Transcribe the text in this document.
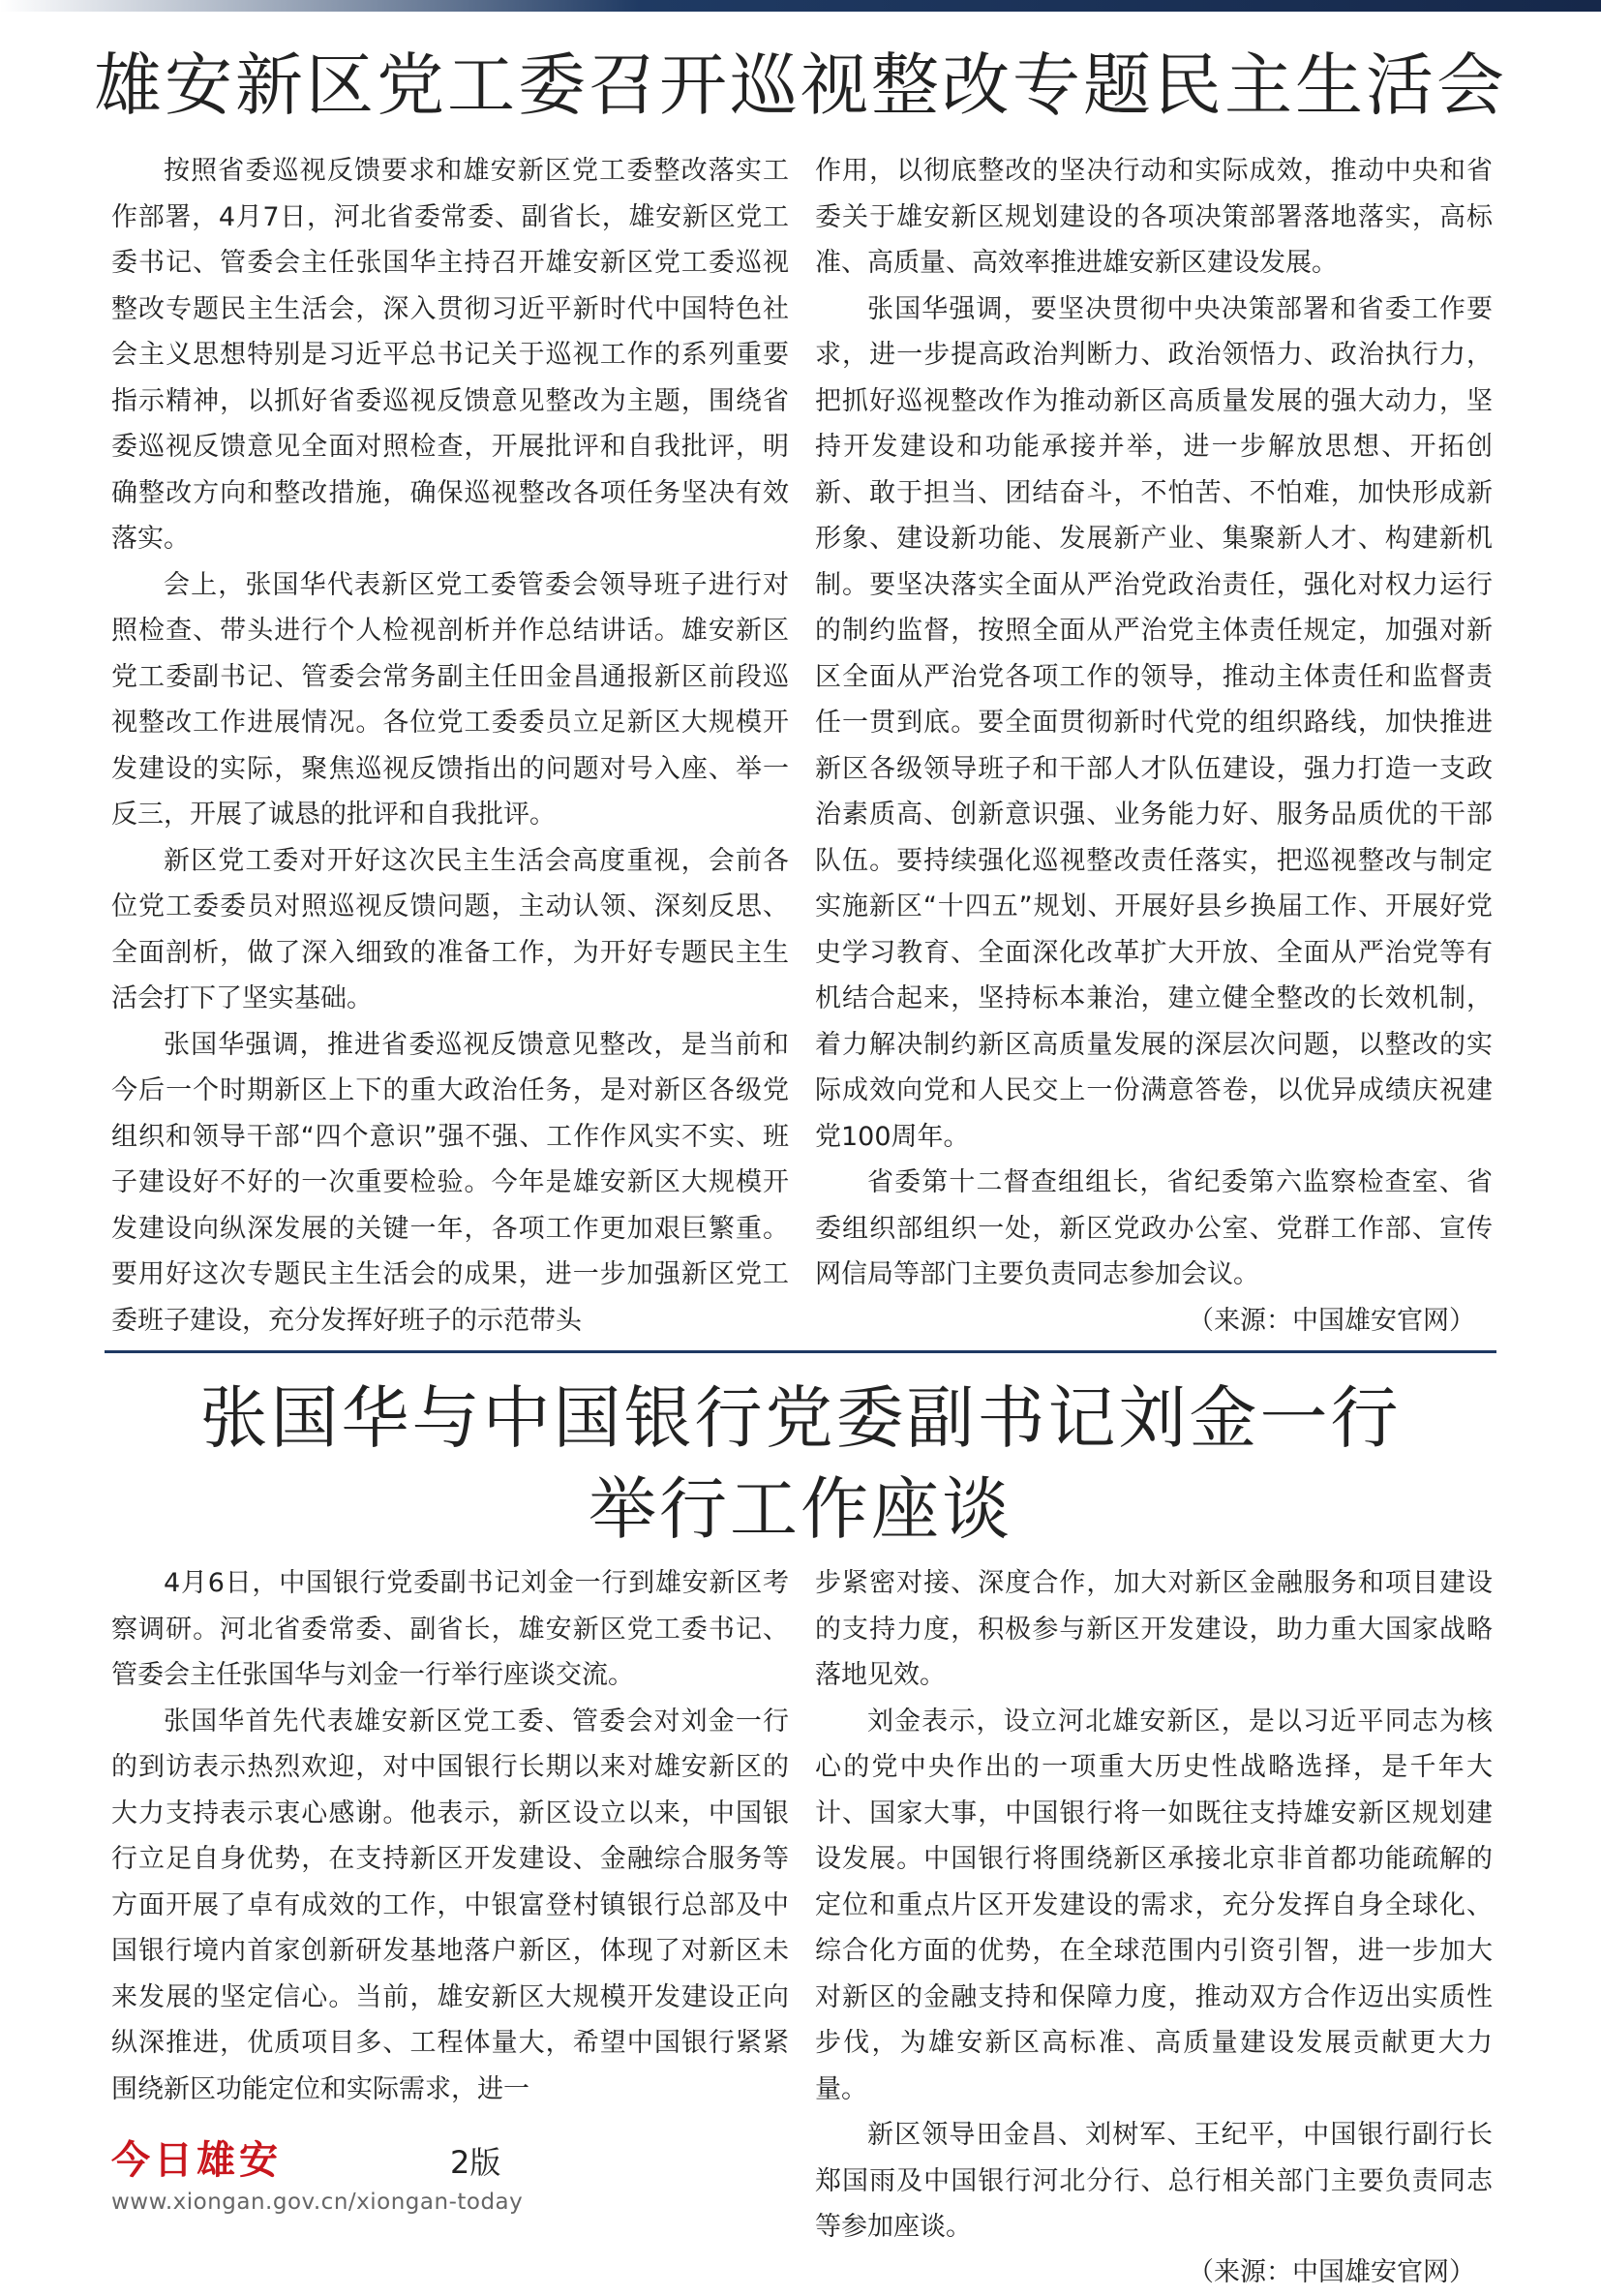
雄安新区党工委召开巡视整改专题民主生活会

按照省委巡视反馈要求和雄安新区党工委整改落实工作部署，4月7日，河北省委常委、副省长，雄安新区党工委书记、管委会主任张国华主持召开雄安新区党工委巡视整改专题民主生活会，深入贯彻习近平新时代中国特色社会主义思想特别是习近平总书记关于巡视工作的系列重要指示精神，以抓好省委巡视反馈意见整改为主题，围绕省委巡视反馈意见全面对照检查，开展批评和自我批评，明确整改方向和整改措施，确保巡视整改各项任务坚决有效落实。

会上，张国华代表新区党工委管委会领导班子进行对照检查、带头进行个人检视剖析并作总结讲话。雄安新区党工委副书记、管委会常务副主任田金昌通报新区前段巡视整改工作进展情况。各位党工委委员立足新区大规模开发建设的实际，聚焦巡视反馈指出的问题对号入座、举一反三，开展了诚恳的批评和自我批评。

新区党工委对开好这次民主生活会高度重视，会前各位党工委委员对照巡视反馈问题，主动认领、深刻反思、全面剖析，做了深入细致的准备工作，为开好专题民主生活会打下了坚实基础。

张国华强调，推进省委巡视反馈意见整改，是当前和今后一个时期新区上下的重大政治任务，是对新区各级党组织和领导干部“四个意识”强不强、工作作风实不实、班子建设好不好的一次重要检验。今年是雄安新区大规模开发建设向纵深发展的关键一年，各项工作更加艰巨繁重。要用好这次专题民主生活会的成果，进一步加强新区党工委班子建设，充分发挥好班子的示范带头

作用，以彻底整改的坚决行动和实际成效，推动中央和省委关于雄安新区规划建设的各项决策部署落地落实，高标准、高质量、高效率推进雄安新区建设发展。

张国华强调，要坚决贯彻中央决策部署和省委工作要求，进一步提高政治判断力、政治领悟力、政治执行力，把抓好巡视整改作为推动新区高质量发展的强大动力，坚持开发建设和功能承接并举，进一步解放思想、开拓创新、敢于担当、团结奋斗，不怕苦、不怕难，加快形成新形象、建设新功能、发展新产业、集聚新人才、构建新机制。要坚决落实全面从严治党政治责任，强化对权力运行的制约监督，按照全面从严治党主体责任规定，加强对新区全面从严治党各项工作的领导，推动主体责任和监督责任一贯到底。要全面贯彻新时代党的组织路线，加快推进新区各级领导班子和干部人才队伍建设，强力打造一支政治素质高、创新意识强、业务能力好、服务品质优的干部队伍。要持续强化巡视整改责任落实，把巡视整改与制定实施新区“十四五”规划、开展好县乡换届工作、开展好党史学习教育、全面深化改革扩大开放、全面从严治党等有机结合起来，坚持标本兼治，建立健全整改的长效机制，着力解决制约新区高质量发展的深层次问题，以整改的实际成效向党和人民交上一份满意答卷，以优异成绩庆祝建党100周年。

省委第十二督查组组长，省纪委第六监察检查室、省委组织部组织一处，新区党政办公室、党群工作部、宣传网信局等部门主要负责同志参加会议。

（来源：中国雄安官网）
张国华与中国银行党委副书记刘金一行
举行工作座谈

4月6日，中国银行党委副书记刘金一行到雄安新区考察调研。河北省委常委、副省长，雄安新区党工委书记、管委会主任张国华与刘金一行举行座谈交流。

张国华首先代表雄安新区党工委、管委会对刘金一行的到访表示热烈欢迎，对中国银行长期以来对雄安新区的大力支持表示衷心感谢。他表示，新区设立以来，中国银行立足自身优势，在支持新区开发建设、金融综合服务等方面开展了卓有成效的工作，中银富登村镇银行总部及中国银行境内首家创新研发基地落户新区，体现了对新区未来发展的坚定信心。当前，雄安新区大规模开发建设正向纵深推进，优质项目多、工程体量大，希望中国银行紧紧围绕新区功能定位和实际需求，进一

步紧密对接、深度合作，加大对新区金融服务和项目建设的支持力度，积极参与新区开发建设，助力重大国家战略落地见效。

刘金表示，设立河北雄安新区，是以习近平同志为核心的党中央作出的一项重大历史性战略选择，是千年大计、国家大事，中国银行将一如既往支持雄安新区规划建设发展。中国银行将围绕新区承接北京非首都功能疏解的定位和重点片区开发建设的需求，充分发挥自身全球化、综合化方面的优势，在全球范围内引资引智，进一步加大对新区的金融支持和保障力度，推动双方合作迈出实质性步伐，为雄安新区高标准、高质量建设发展贡献更大力量。

新区领导田金昌、刘树军、王纪平，中国银行副行长郑国雨及中国银行河北分行、总行相关部门主要负责同志等参加座谈。

（来源：中国雄安官网）
今日雄安	2版
www.xiongan.gov.cn/xiongan-today
